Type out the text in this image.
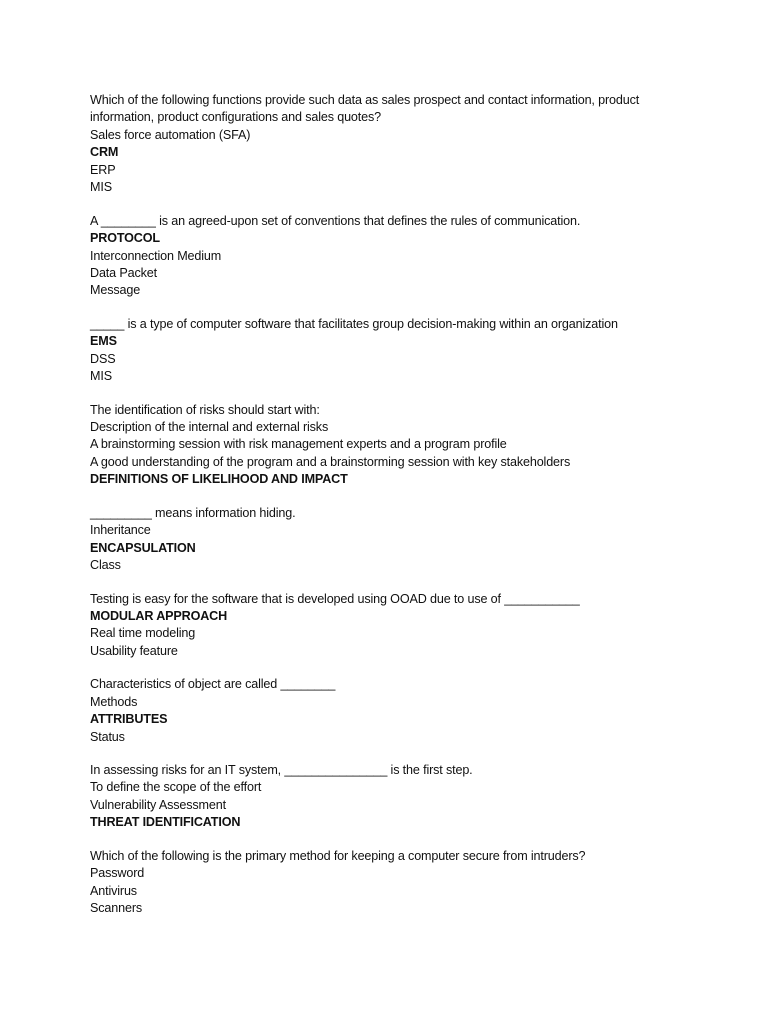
Which of the following functions provide such data as sales prospect and contact information, product information, product configurations and sales quotes?
Sales force automation (SFA)
CRM
ERP
MIS
A ________ is an agreed-upon set of conventions that defines the rules of communication.
PROTOCOL
Interconnection Medium
Data Packet
Message
_____ is a type of computer software that facilitates group decision-making within an organization
EMS
DSS
MIS
The identification of risks should start with:
Description of the internal and external risks
A brainstorming session with risk management experts and a program profile
A good understanding of the program and a brainstorming session with key stakeholders
DEFINITIONS OF LIKELIHOOD AND IMPACT
_________ means information hiding.
Inheritance
ENCAPSULATION
Class
Testing is easy for the software that is developed using OOAD due to use of ___________
MODULAR APPROACH
Real time modeling
Usability feature
Characteristics of object are called ________
Methods
ATTRIBUTES
Status
In assessing risks for an IT system, _______________ is the first step.
To define the scope of the effort
Vulnerability Assessment
THREAT IDENTIFICATION
Which of the following is the primary method for keeping a computer secure from intruders?
Password
Antivirus
Scanners
